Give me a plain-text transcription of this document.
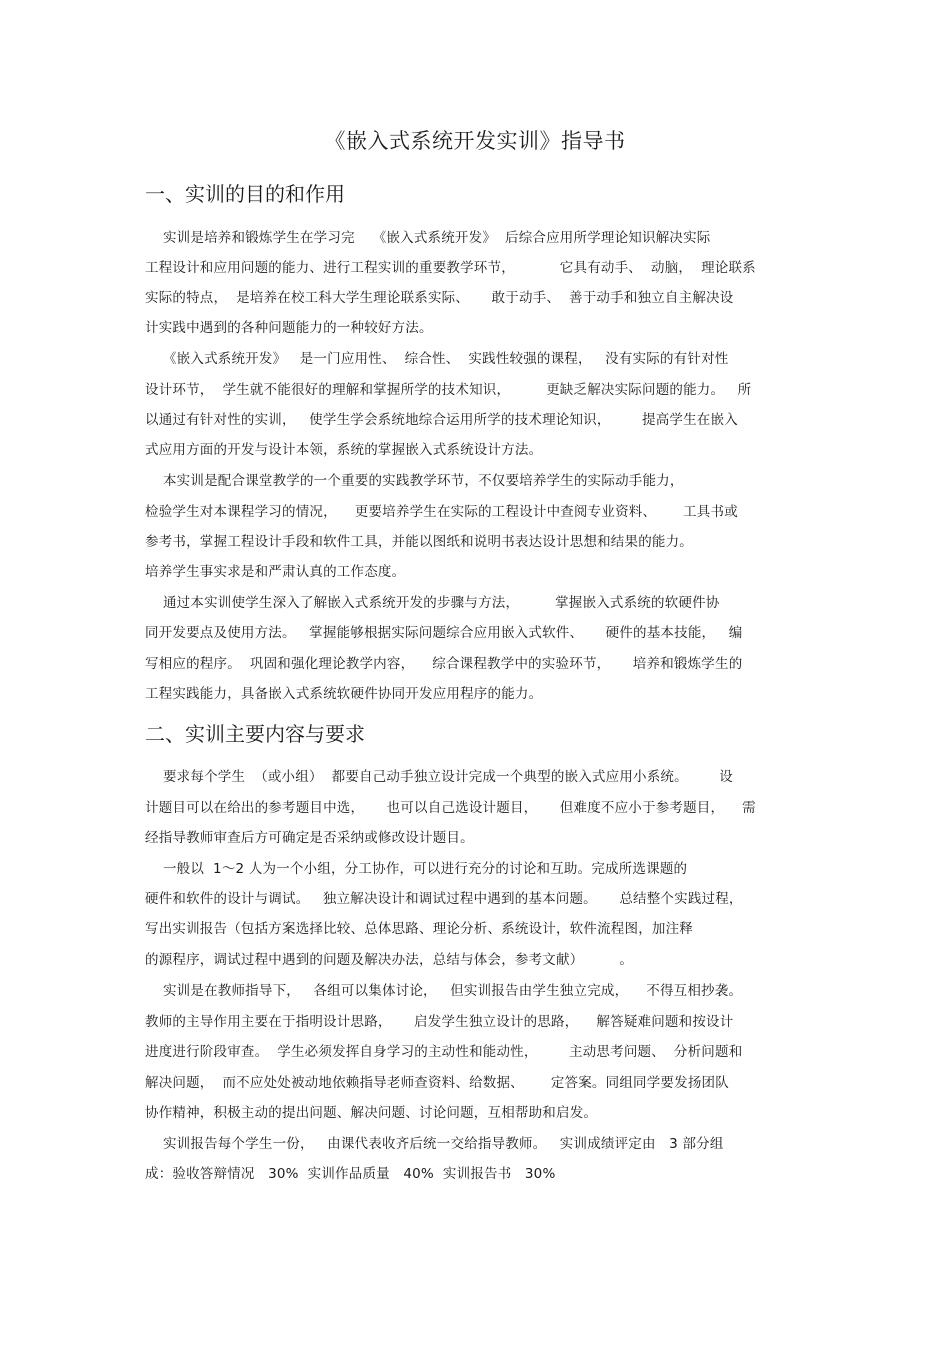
《嵌入式系统开发实训》指导书
一、实训的目的和作用
实训是培养和锻炼学生在学习完    《嵌入式系统开发》  后综合应用所学理论知识解决实际
工程设计和应用问题的能力、进行工程实训的重要教学环节，          它具有动手、  动脑，  理论联系
实际的特点，  是培养在校工科大学生理论联系实际、     敢于动手、  善于动手和独立自主解决设
计实践中遇到的各种问题能力的一种较好方法。
《嵌入式系统开发》   是一门应用性、  综合性、  实践性较强的课程，   没有实际的有针对性
设计环节，  学生就不能很好的理解和掌握所学的技术知识，        更缺乏解决实际问题的能力。   所
以通过有针对性的实训，   使学生学会系统地综合运用所学的技术理论知识，       提高学生在嵌入
式应用方面的开发与设计本领，系统的掌握嵌入式系统设计方法。
本实训是配合课堂教学的一个重要的实践教学环节，不仅要培养学生的实际动手能力，
检验学生对本课程学习的情况，    更要培养学生在实际的工程设计中查阅专业资料、      工具书或
参考书，掌握工程设计手段和软件工具，并能以图纸和说明书表达设计思想和结果的能力。
培养学生事实求是和严肃认真的工作态度。
通过本实训使学生深入了解嵌入式系统开发的步骤与方法，        掌握嵌入式系统的软硬件协
同开发要点及使用方法。   掌握能够根据实际问题综合应用嵌入式软件、     硬件的基本技能，   编
写相应的程序。  巩固和强化理论教学内容，    综合课程教学中的实验环节，     培养和锻炼学生的
工程实践能力，具备嵌入式系统软硬件协同开发应用程序的能力。
二、实训主要内容与要求
要求每个学生  （或小组）  都要自己动手独立设计完成一个典型的嵌入式应用小系统。       设
计题目可以在给出的参考题目中选，     也可以自己选设计题目，     但难度不应小于参考题目，    需
经指导教师审查后方可确定是否采纳或修改设计题目。
一般以  1～2 人为一个小组，分工协作，可以进行充分的讨论和互助。完成所选课题的
硬件和软件的设计与调试。   独立解决设计和调试过程中遇到的基本问题。     总结整个实践过程，
写出实训报告（包括方案选择比较、总体思路、理论分析、系统设计，软件流程图，加注释
的源程序，调试过程中遇到的问题及解决办法，总结与体会，参考文献）        。
实训是在教师指导下，   各组可以集体讨论，   但实训报告由学生独立完成，    不得互相抄袭。
教师的主导作用主要在于指明设计思路，     启发学生独立设计的思路，    解答疑难问题和按设计
进度进行阶段审查。  学生必须发挥自身学习的主动性和能动性，       主动思考问题、  分析问题和
解决问题，  而不应处处被动地依赖指导老师查资料、给数据、      定答案。同组同学要发扬团队
协作精神，积极主动的提出问题、解决问题、讨论问题，互相帮助和启发。
实训报告每个学生一份，   由课代表收齐后统一交给指导教师。   实训成绩评定由   3 部分组
成：验收答辩情况   30%  实训作品质量   40%  实训报告书   30%
